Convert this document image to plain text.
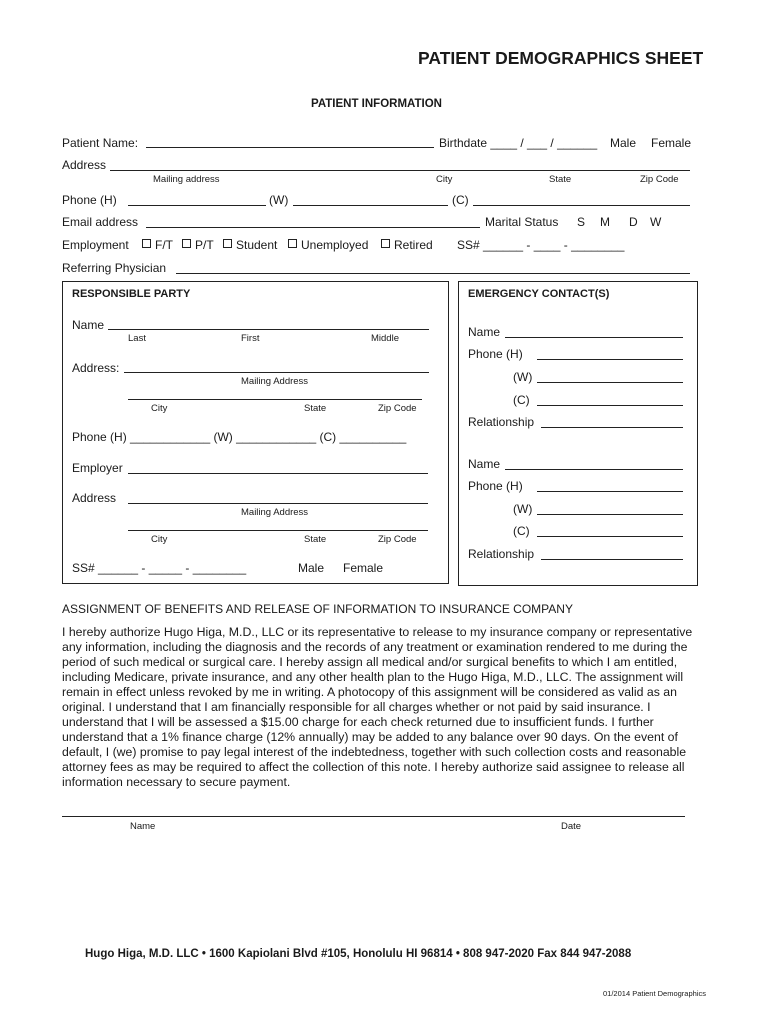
PATIENT DEMOGRAPHICS SHEET
PATIENT INFORMATION
Patient Name:	Birthdate ____ / ___ / ______ Male Female
Address
Mailing address	City	State	Zip Code
Phone (H)	(W)	(C)
Email address	Marital Status S M D W
Employment	F/T	P/T	Student	Unemployed	Retired SS# ______ - ____ - ________
Referring Physician
RESPONSIBLE PARTY
Name
Last	First	Middle
Address:
Mailing Address
City	State	Zip Code
Phone (H) ____________ (W) ____________ (C) __________
Employer
Address
Mailing Address
City	State	Zip Code
SS# ______ - _____ - ________	Male Female
EMERGENCY CONTACT(S)
Name
Phone (H)
(W)
(C)
Relationship
Name
Phone (H)
(W)
(C)
Relationship
ASSIGNMENT OF BENEFITS AND RELEASE OF INFORMATION TO INSURANCE COMPANY
I hereby authorize Hugo Higa, M.D., LLC or its representative to release to my insurance company or representative
any information, including the diagnosis and the records of any treatment or examination rendered to me during the
period of such medical or surgical care. I hereby assign all medical and/or surgical benefits to which I am entitled,
including Medicare, private insurance, and any other health plan to the Hugo Higa, M.D., LLC. The assignment will
remain in effect unless revoked by me in writing. A photocopy of this assignment will be considered as valid as an
original. I understand that I am financially responsible for all charges whether or not paid by said insurance. I
understand that I will be assessed a $15.00 charge for each check returned due to insufficient funds. I further
understand that a 1% finance charge (12% annually) may be added to any balance over 90 days. On the event of
default, I (we) promise to pay legal interest of the indebtedness, together with such collection costs and reasonable
attorney fees as may be required to affect the collection of this note. I hereby authorize said assignee to release all
information necessary to secure payment.
Name	Date
Hugo Higa, M.D. LLC • 1600 Kapiolani Blvd #105, Honolulu HI 96814 • 808 947-2020 Fax 844 947-2088
01/2014 Patient Demographics
